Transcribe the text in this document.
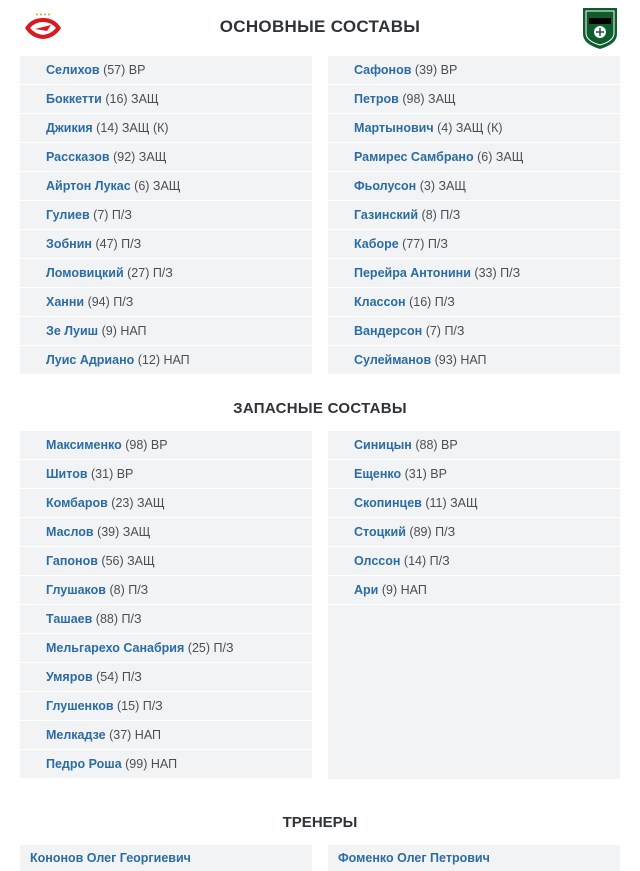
ОСНОВНЫЕ СОСТАВЫ
Селихов (57) ВР
Боккетти (16) ЗАЩ
Джикия (14) ЗАЩ (К)
Рассказов (92) ЗАЩ
Айртон Лукас (6) ЗАЩ
Гулиев (7) П/З
Зобнин (47) П/З
Ломовицкий (27) П/З
Ханни (94) П/З
Зе Луиш (9) НАП
Луис Адриано (12) НАП
Сафонов (39) ВР
Петров (98) ЗАЩ
Мартынович (4) ЗАЩ (К)
Рамирес Самбрано (6) ЗАЩ
Фьолусон (3) ЗАЩ
Газинский (8) П/З
Каборе (77) П/З
Перейра Антонини (33) П/З
Классон (16) П/З
Вандерсон (7) П/З
Сулейманов (93) НАП
ЗАПАСНЫЕ СОСТАВЫ
Максименко (98) ВР
Шитов (31) ВР
Комбаров (23) ЗАЩ
Маслов (39) ЗАЩ
Гапонов (56) ЗАЩ
Глушаков (8) П/З
Ташаев (88) П/З
Мельгарехо Санабрия (25) П/З
Умяров (54) П/З
Глушенков (15) П/З
Мелкадзе (37) НАП
Педро Роша (99) НАП
Синицын (88) ВР
Ещенко (31) ВР
Скопинцев (11) ЗАЩ
Стоцкий (89) П/З
Олссон (14) П/З
Ари (9) НАП
ТРЕНЕРЫ
Кононов Олег Георгиевич	Фоменко Олег Петрович
